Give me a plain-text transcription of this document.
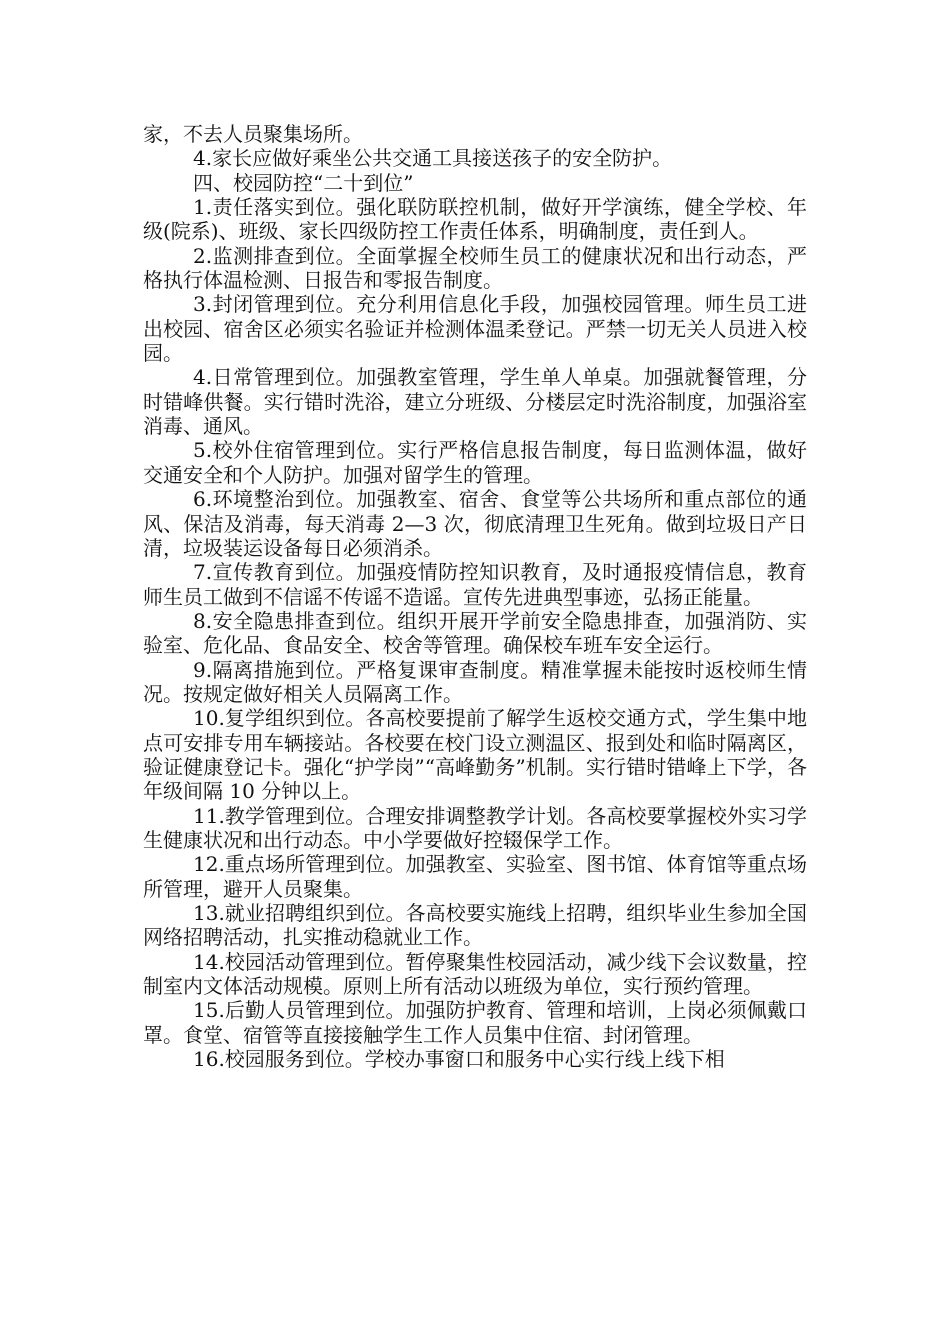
家，不去人员聚集场所。

4.家长应做好乘坐公共交通工具接送孩子的安全防护。

四、校园防控“二十到位”

1.责任落实到位。强化联防联控机制，做好开学演练，健全学校、年级(院系)、班级、家长四级防控工作责任体系，明确制度，责任到人。

2.监测排查到位。全面掌握全校师生员工的健康状况和出行动态，严格执行体温检测、日报告和零报告制度。

3.封闭管理到位。充分利用信息化手段，加强校园管理。师生员工进出校园、宿舍区必须实名验证并检测体温柔登记。严禁一切无关人员进入校园。

4.日常管理到位。加强教室管理，学生单人单桌。加强就餐管理，分时错峰供餐。实行错时洗浴，建立分班级、分楼层定时洗浴制度，加强浴室消毒、通风。

5.校外住宿管理到位。实行严格信息报告制度，每日监测体温，做好交通安全和个人防护。加强对留学生的管理。

6.环境整治到位。加强教室、宿舍、食堂等公共场所和重点部位的通风、保洁及消毒，每天消毒 2—3 次，彻底清理卫生死角。做到垃圾日产日清，垃圾装运设备每日必须消杀。

7.宣传教育到位。加强疫情防控知识教育，及时通报疫情信息，教育师生员工做到不信谣不传谣不造谣。宣传先进典型事迹，弘扬正能量。

8.安全隐患排查到位。组织开展开学前安全隐患排查，加强消防、实验室、危化品、食品安全、校舍等管理。确保校车班车安全运行。

9.隔离措施到位。严格复课审查制度。精准掌握未能按时返校师生情况。按规定做好相关人员隔离工作。

10.复学组织到位。各高校要提前了解学生返校交通方式，学生集中地点可安排专用车辆接站。各校要在校门设立测温区、报到处和临时隔离区，验证健康登记卡。强化“护学岗”“高峰勤务”机制。实行错时错峰上下学，各年级间隔 10 分钟以上。

11.教学管理到位。合理安排调整教学计划。各高校要掌握校外实习学生健康状况和出行动态。中小学要做好控辍保学工作。

12.重点场所管理到位。加强教室、实验室、图书馆、体育馆等重点场所管理，避开人员聚集。

13.就业招聘组织到位。各高校要实施线上招聘，组织毕业生参加全国网络招聘活动，扎实推动稳就业工作。

14.校园活动管理到位。暂停聚集性校园活动，减少线下会议数量，控制室内文体活动规模。原则上所有活动以班级为单位，实行预约管理。

15.后勤人员管理到位。加强防护教育、管理和培训，上岗必须佩戴口罩。食堂、宿管等直接接触学生工作人员集中住宿、封闭管理。

16.校园服务到位。学校办事窗口和服务中心实行线上线下相
